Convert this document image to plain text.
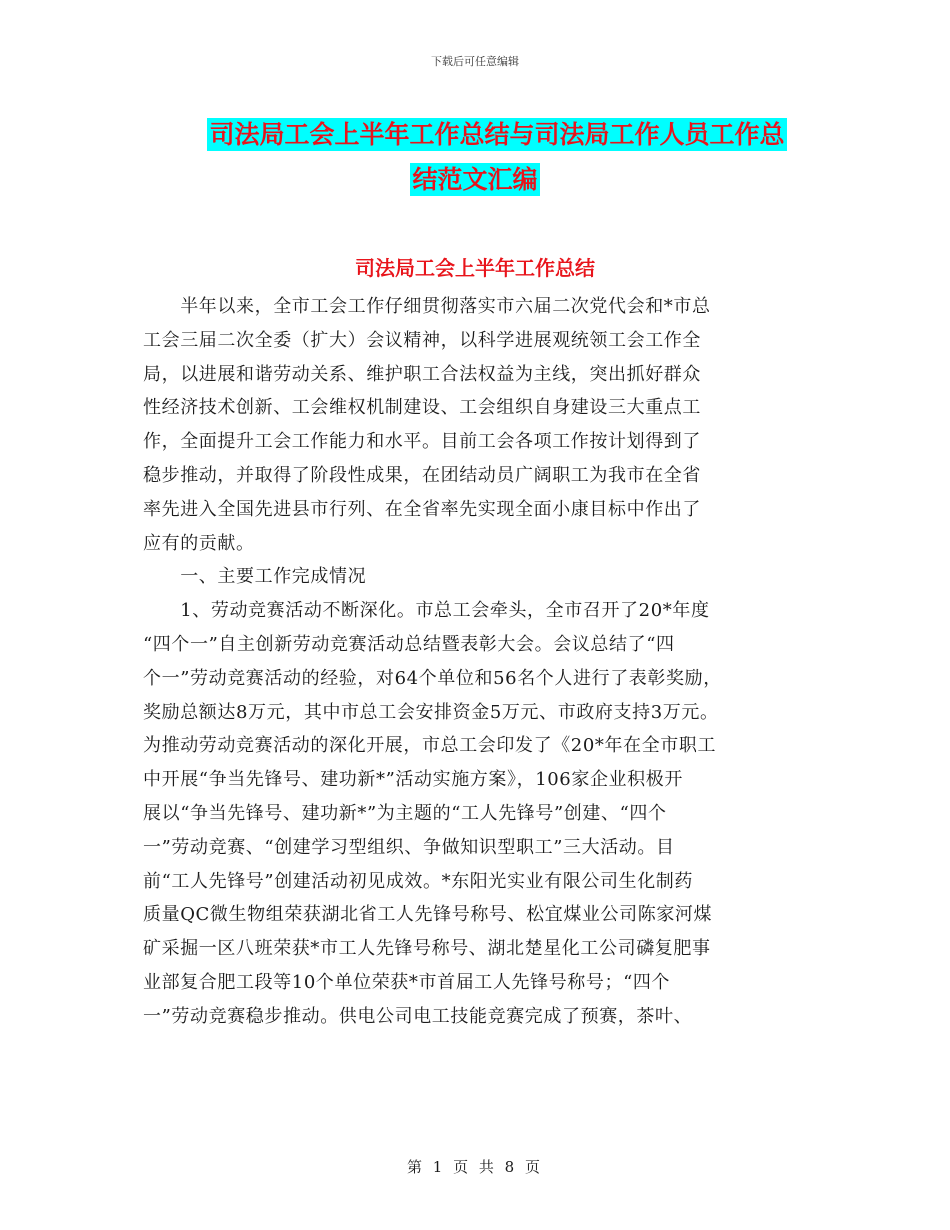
下载后可任意编辑
司法局工会上半年工作总结与司法局工作人员工作总
结范文汇编
司法局工会上半年工作总结
　　半年以来，全市工会工作仔细贯彻落实市六届二次党代会和*市总
工会三届二次全委（扩大）会议精神，以科学进展观统领工会工作全
局，以进展和谐劳动关系、维护职工合法权益为主线，突出抓好群众
性经济技术创新、工会维权机制建设、工会组织自身建设三大重点工
作，全面提升工会工作能力和水平。目前工会各项工作按计划得到了
稳步推动，并取得了阶段性成果，在团结动员广阔职工为我市在全省
率先进入全国先进县市行列、在全省率先实现全面小康目标中作出了
应有的贡献。
　　一、主要工作完成情况
　　1、劳动竞赛活动不断深化。市总工会牵头，全市召开了20*年度
“四个一”自主创新劳动竞赛活动总结暨表彰大会。会议总结了“四
个一”劳动竞赛活动的经验，对64个单位和56名个人进行了表彰奖励，
奖励总额达8万元，其中市总工会安排资金5万元、市政府支持3万元。
为推动劳动竞赛活动的深化开展，市总工会印发了《20*年在全市职工
中开展“争当先锋号、建功新*”活动实施方案》，106家企业积极开
展以“争当先锋号、建功新*”为主题的“工人先锋号”创建、“四个
一”劳动竞赛、“创建学习型组织、争做知识型职工”三大活动。目
前“工人先锋号”创建活动初见成效。*东阳光实业有限公司生化制药
质量QC微生物组荣获湖北省工人先锋号称号、松宜煤业公司陈家河煤
矿采掘一区八班荣获*市工人先锋号称号、湖北楚星化工公司磷复肥事
业部复合肥工段等10个单位荣获*市首届工人先锋号称号；“四个
一”劳动竞赛稳步推动。供电公司电工技能竞赛完成了预赛，茶叶、
第 1 页 共 8 页
